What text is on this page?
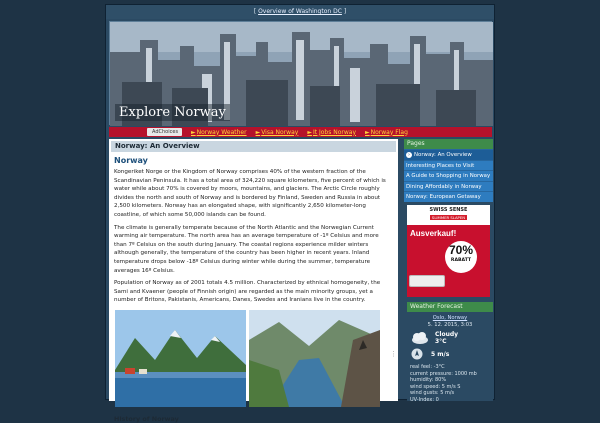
[ Overview of Washington DC ]
Explore Norway
AdChoices	►Norway Weather ►Visa Norway ►It Jobs Norway ►Norway Flag
Norway: An Overview
Norway

Kongeriket Norge or the Kingdom of Norway comprises 40% of the western fraction of the Scandinavian Peninsula. It has a total area of 324,220 square kilometers, five percent of which is water while about 70% is covered by moors, mountains, and glaciers. The Arctic Circle roughly divides the north and south of Norway and is bordered by Finland, Sweden and Russia in about 2,500 kilometers. Norway has an elongated shape, with significantly 2,650 kilometer-long coastline, of which some 50,000 islands can be found.

The climate is generally temperate because of the North Atlantic and the Norwegian Current warming air temperature. The north area has an average temperature of -1º Celsius and more than 7º Celsius on the south during January. The coastal regions experience milder winters although generally, the temperature of the country has been higher in recent years. Inland temperature drops below -18º Celsius during winter while during the summer, temperature averages 16º Celsius.

Population of Norway as of 2001 totals 4.5 million. Characterized by ethnical homogeneity, the Sami and Kvaener (people of Finnish origin) are regarded as the main minority groups, yet a number of Britons, Pakistanis, Americans, Danes, Swedes and Iranians live in the country.

⋮
History of Norway
Pages
› Norway: An Overview
Interesting Places to Visit
A Guide to Shopping in Norway
Dining Affordably in Norway
Norway: European Getaway
SWISS SENSE
SLIMMER SLAPEN
Ausverkauf!
70%
RABATT
Weather Forecast
Oslo, Norway
5. 12. 2015, 3:03
Cloudy
3°C
5 m/s
real feel: -3°C
current pressure: 1000 mb
humidity: 80%
wind speed: 5 m/s S
wind gusts: 5 m/s
UV-Index: 0
